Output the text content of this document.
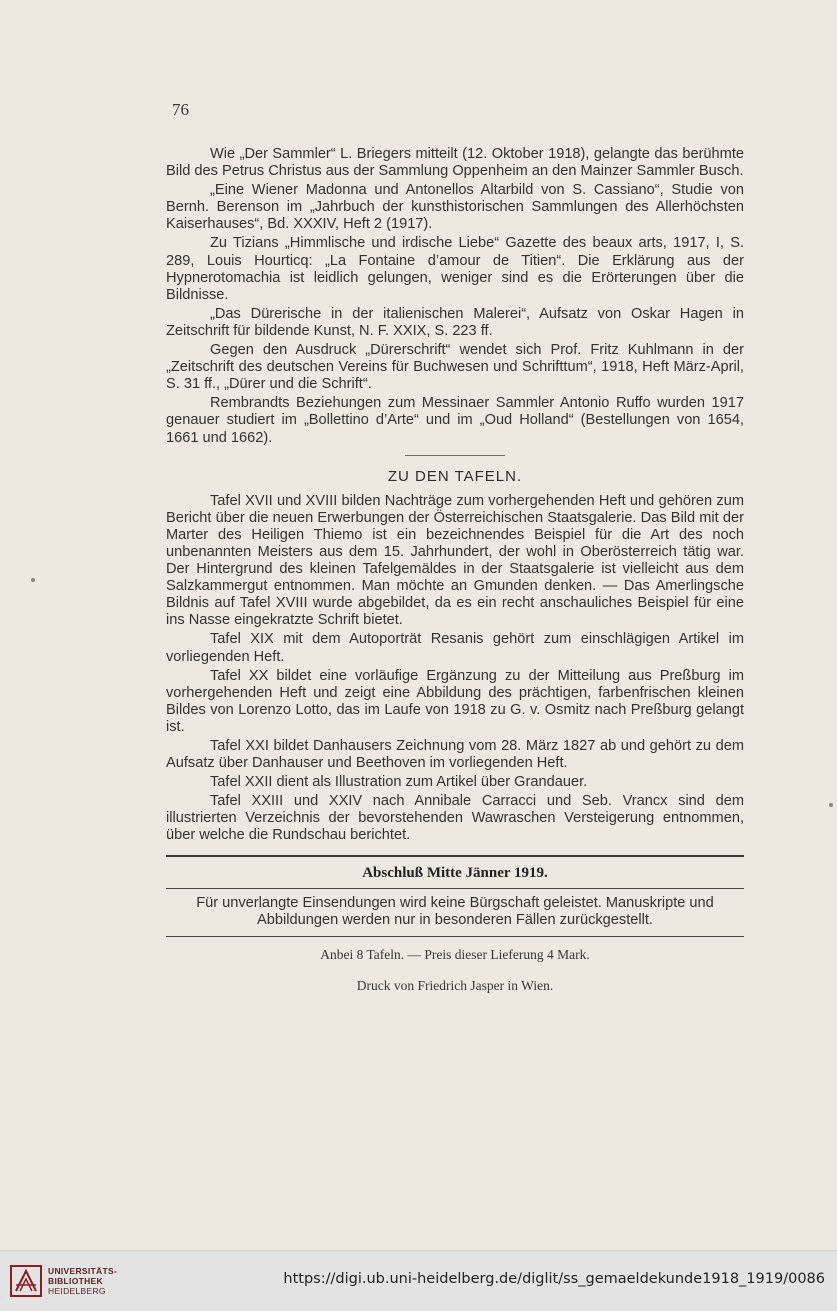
76

Wie „Der Sammler“ L. Briegers mitteilt (12. Oktober 1918), gelangte das berühmte Bild des Petrus Christus aus der Sammlung Oppenheim an den Mainzer Sammler Busch.

„Eine Wiener Madonna und Antonellos Altarbild von S. Cassiano“, Studie von Bernh. Berenson im „Jahrbuch der kunsthistorischen Sammlungen des Allerhöchsten Kaiserhauses“, Bd. XXXIV, Heft 2 (1917).

Zu Tizians „Himmlische und irdische Liebe“ Gazette des beaux arts, 1917, I, S. 289, Louis Hourticq: „La Fontaine d’amour de Titien“. Die Erklärung aus der Hypnerotomachia ist leidlich gelungen, weniger sind es die Erörterungen über die Bildnisse.

„Das Dürerische in der italienischen Malerei“, Aufsatz von Oskar Hagen in Zeitschrift für bildende Kunst, N. F. XXIX, S. 223 ff.

Gegen den Ausdruck „Dürerschrift“ wendet sich Prof. Fritz Kuhlmann in der „Zeitschrift des deutschen Vereins für Buchwesen und Schrifttum“, 1918, Heft März-April, S. 31 ff., „Dürer und die Schrift“.

Rembrandts Beziehungen zum Messinaer Sammler Antonio Ruffo wurden 1917 genauer studiert im „Bollettino d’Arte“ und im „Oud Holland“ (Bestellungen von 1654, 1661 und 1662).

ZU DEN TAFELN.

Tafel XVII und XVIII bilden Nachträge zum vorhergehenden Heft und gehören zum Bericht über die neuen Erwerbungen der Österreichischen Staatsgalerie. Das Bild mit der Marter des Heiligen Thiemo ist ein bezeichnendes Beispiel für die Art des noch unbenannten Meisters aus dem 15. Jahrhundert, der wohl in Oberösterreich tätig war. Der Hintergrund des kleinen Tafelgemäldes in der Staatsgalerie ist vielleicht aus dem Salzkammergut entnommen. Man möchte an Gmunden denken. — Das Amerlingsche Bildnis auf Tafel XVIII wurde abgebildet, da es ein recht anschauliches Beispiel für eine ins Nasse eingekratzte Schrift bietet.

Tafel XIX mit dem Autoporträt Resanis gehört zum einschlägigen Artikel im vorliegenden Heft.

Tafel XX bildet eine vorläufige Ergänzung zu der Mitteilung aus Preßburg im vorhergehenden Heft und zeigt eine Abbildung des prächtigen, farbenfrischen kleinen Bildes von Lorenzo Lotto, das im Laufe von 1918 zu G. v. Osmitz nach Preßburg gelangt ist.

Tafel XXI bildet Danhausers Zeichnung vom 28. März 1827 ab und gehört zu dem Aufsatz über Danhauser und Beethoven im vorliegenden Heft.

Tafel XXII dient als Illustration zum Artikel über Grandauer.

Tafel XXIII und XXIV nach Annibale Carracci und Seb. Vrancx sind dem illustrierten Verzeichnis der bevorstehenden Wawraschen Versteigerung entnommen, über welche die Rundschau berichtet.

Abschluß Mitte Jänner 1919.
Für unverlangte Einsendungen wird keine Bürgschaft geleistet. Manuskripte und Abbildungen werden nur in besonderen Fällen zurückgestellt.
Anbei 8 Tafeln. — Preis dieser Lieferung 4 Mark.
Druck von Friedrich Jasper in Wien.
UNIVERSITÄTS-
BIBLIOTHEK
HEIDELBERG
https://digi.ub.uni-heidelberg.de/diglit/ss_gemaeldekunde1918_1919/0086
